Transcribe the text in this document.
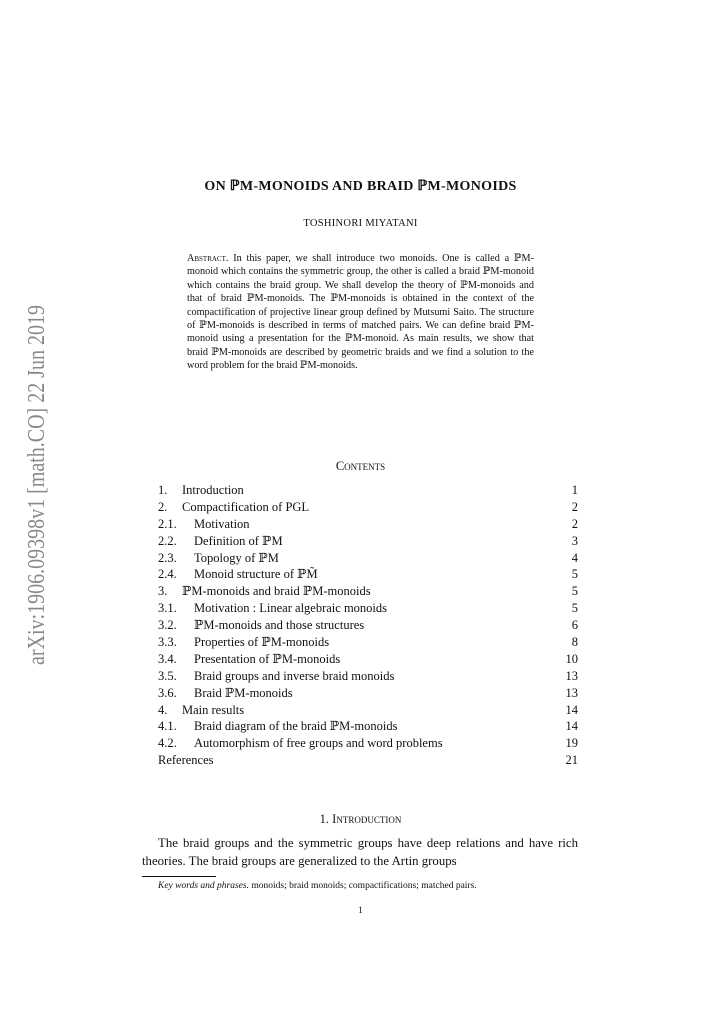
arXiv:1906.09398v1 [math.CO] 22 Jun 2019
ON ℙM-MONOIDS AND BRAID ℙM-MONOIDS
TOSHINORI MIYATANI
Abstract. In this paper, we shall introduce two monoids. One is called a ℙM-monoid which contains the symmetric group, the other is called a braid ℙM-monoid which contains the braid group. We shall develop the theory of ℙM-monoids and that of braid ℙM-monoids. The ℙM-monoids is obtained in the context of the compactification of projective linear group defined by Mutsumi Saito. The structure of ℙM-monoids is described in terms of matched pairs. We can define braid ℙM-monoid using a presentation for the ℙM-monoid. As main results, we show that braid ℙM-monoids are described by geometric braids and we find a solution to the word problem for the braid ℙM-monoids.
Contents
1. Introduction	1
2. Compactification of PGL	2
2.1. Motivation	2
2.2. Definition of ℙM	3
2.3. Topology of ℙM	4
2.4. Monoid structure of ℙM̃	5
3. ℙM-monoids and braid ℙM-monoids	5
3.1. Motivation : Linear algebraic monoids	5
3.2. ℙM-monoids and those structures	6
3.3. Properties of ℙM-monoids	8
3.4. Presentation of ℙM-monoids	10
3.5. Braid groups and inverse braid monoids	13
3.6. Braid ℙM-monoids	13
4. Main results	14
4.1. Braid diagram of the braid ℙM-monoids	14
4.2. Automorphism of free groups and word problems	19
References	21
1. Introduction
The braid groups and the symmetric groups have deep relations and have rich theories. The braid groups are generalized to the Artin groups
Key words and phrases. monoids; braid monoids; compactifications; matched pairs.
1
